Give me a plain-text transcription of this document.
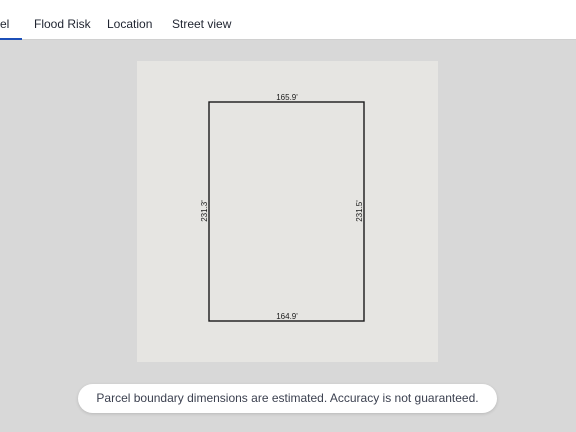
el Flood Risk Location Street view
165.9'
164.9'
231.3'	231.5'
Parcel boundary dimensions are estimated. Accuracy is not guaranteed.
